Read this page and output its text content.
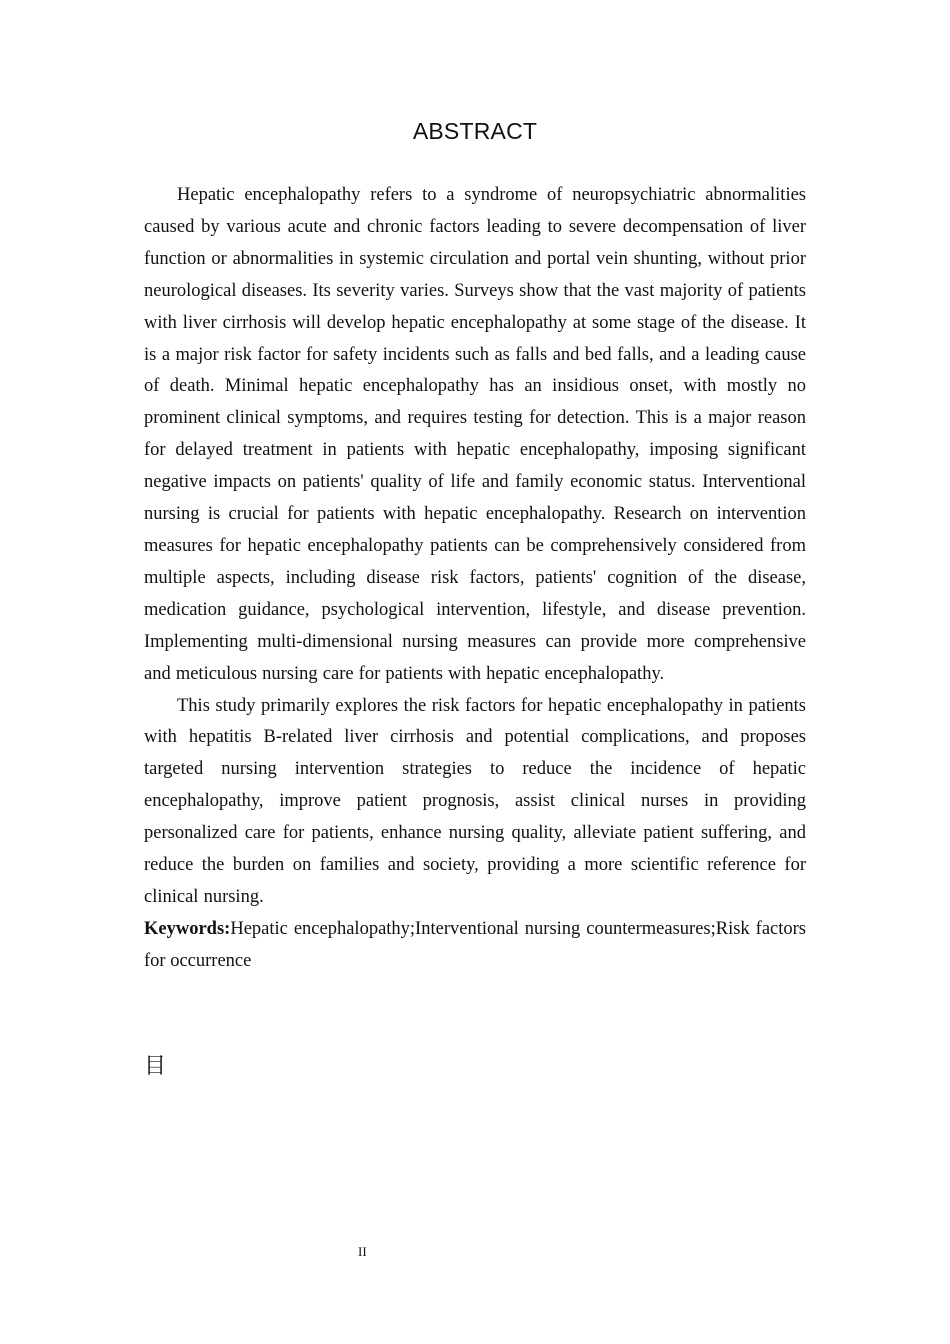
ABSTRACT

Hepatic encephalopathy refers to a syndrome of neuropsychiatric abnormalities caused by various acute and chronic factors leading to severe decompensation of liver function or abnormalities in systemic circulation and portal vein shunting, without prior neurological diseases. Its severity varies. Surveys show that the vast majority of patients with liver cirrhosis will develop hepatic encephalopathy at some stage of the disease. It is a major risk factor for safety incidents such as falls and bed falls, and a leading cause of death. Minimal hepatic encephalopathy has an insidious onset, with mostly no prominent clinical symptoms, and requires testing for detection. This is a major reason for delayed treatment in patients with hepatic encephalopathy, imposing significant negative impacts on patients' quality of life and family economic status. Interventional nursing is crucial for patients with hepatic encephalopathy. Research on intervention measures for hepatic encephalopathy patients can be comprehensively considered from multiple aspects, including disease risk factors, patients' cognition of the disease, medication guidance, psychological intervention, lifestyle, and disease prevention. Implementing multi-dimensional nursing measures can provide more comprehensive and meticulous nursing care for patients with hepatic encephalopathy.

This study primarily explores the risk factors for hepatic encephalopathy in patients with hepatitis B-related liver cirrhosis and potential complications, and proposes targeted nursing intervention strategies to reduce the incidence of hepatic encephalopathy, improve patient prognosis, assist clinical nurses in providing personalized care for patients, enhance nursing quality, alleviate patient suffering, and reduce the burden on families and society, providing a more scientific reference for clinical nursing.

Keywords:Hepatic encephalopathy;Interventional nursing countermeasures;Risk factors for occurrence

目
II
